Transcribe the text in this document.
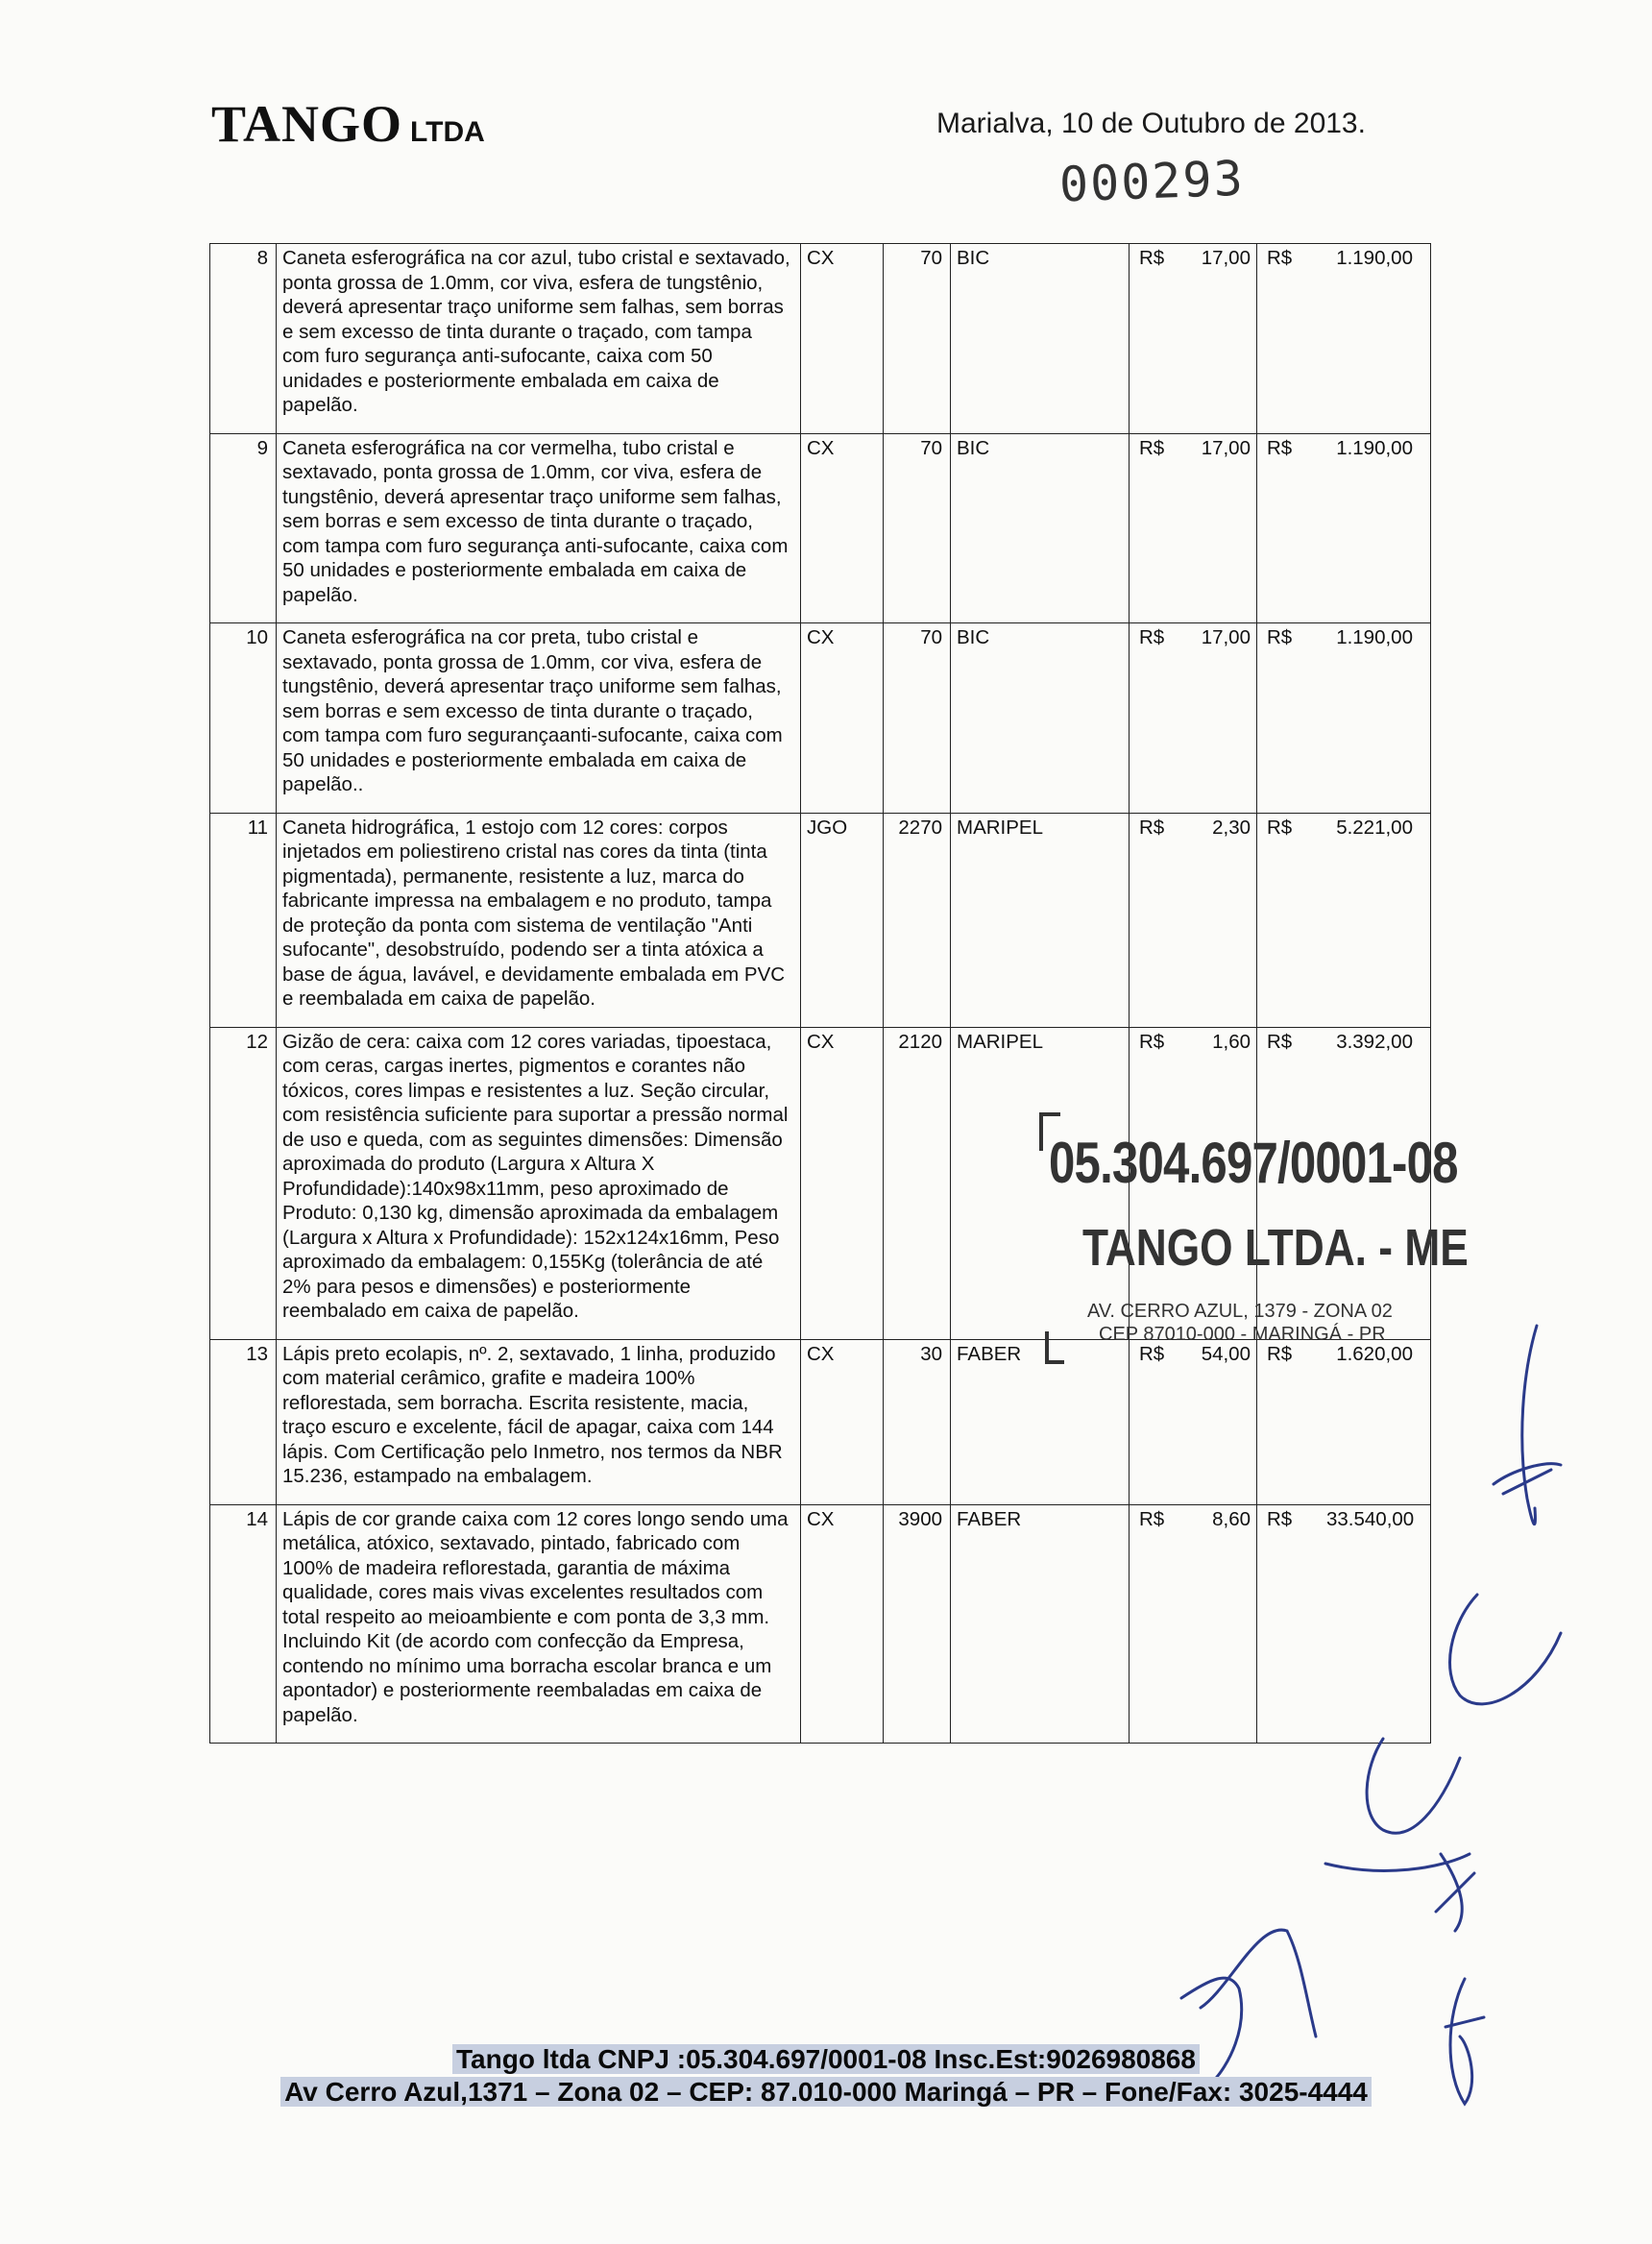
TANGO LTDA	Marialva, 10 de Outubro de 2013.
000293
8	Caneta esferográfica na cor azul, tubo cristal e sextavado, ponta grossa de 1.0mm, cor viva, esfera de tungstênio, deverá apresentar traço uniforme sem falhas, sem borras e sem excesso de tinta durante o traçado, com tampa com furo segurança anti-sufocante, caixa com 50 unidades e posteriormente embalada em caixa de papelão.	CX	70	BIC	R$ 17,00	R$ 1.190,00
9	Caneta esferográfica na cor vermelha, tubo cristal e sextavado, ponta grossa de 1.0mm, cor viva, esfera de tungstênio, deverá apresentar traço uniforme sem falhas, sem borras e sem excesso de tinta durante o traçado, com tampa com furo segurança anti-sufocante, caixa com 50 unidades e posteriormente embalada em caixa de papelão.	CX	70	BIC	R$ 17,00	R$ 1.190,00
10	Caneta esferográfica na cor preta, tubo cristal e sextavado, ponta grossa de 1.0mm, cor viva, esfera de tungstênio, deverá apresentar traço uniforme sem falhas, sem borras e sem excesso de tinta durante o traçado, com tampa com furo segurançaanti-sufocante, caixa com 50 unidades e posteriormente embalada em caixa de papelão..	CX	70	BIC	R$ 17,00	R$ 1.190,00
11	Caneta hidrográfica, 1 estojo com 12 cores: corpos injetados em poliestireno cristal nas cores da tinta (tinta pigmentada), permanente, resistente a luz, marca do fabricante impressa na embalagem e no produto, tampa de proteção da ponta com sistema de ventilação "Anti sufocante", desobstruído, podendo ser a tinta atóxica a base de água, lavável, e devidamente embalada em PVC e reembalada em caixa de papelão.	JGO	2270	MARIPEL	R$ 2,30	R$ 5.221,00
12	Gizão de cera: caixa com 12 cores variadas, tipoestaca, com ceras, cargas inertes, pigmentos e corantes não tóxicos, cores limpas e resistentes a luz. Seção circular, com resistência suficiente para suportar a pressão normal de uso e queda, com as seguintes dimensões: Dimensão aproximada do produto (Largura x Altura X Profundidade):140x98x11mm, peso aproximado de Produto: 0,130 kg, dimensão aproximada da embalagem (Largura x Altura x Profundidade): 152x124x16mm, Peso aproximado da embalagem: 0,155Kg (tolerância de até 2% para pesos e dimensões) e posteriormente reembalado em caixa de papelão.	CX	2120	MARIPEL	R$ 1,60	R$ 3.392,00
13	Lápis preto ecolapis, nº. 2, sextavado, 1 linha, produzido com material cerâmico, grafite e madeira 100% reflorestada, sem borracha. Escrita resistente, macia, traço escuro e excelente, fácil de apagar, caixa com 144 lápis. Com Certificação pelo Inmetro, nos termos da NBR 15.236, estampado na embalagem.	CX	30	FABER	R$ 54,00	R$ 1.620,00
14	Lápis de cor grande caixa com 12 cores longo sendo uma metálica, atóxico, sextavado, pintado, fabricado com 100% de madeira reflorestada, garantia de máxima qualidade, cores mais vivas excelentes resultados com total respeito ao meioambiente e com ponta de 3,3 mm. Incluindo Kit (de acordo com confecção da Empresa, contendo no mínimo uma borracha escolar branca e um apontador) e posteriormente reembaladas em caixa de papelão.	CX	3900	FABER	R$ 8,60	R$ 33.540,00
05.304.697/0001-08
TANGO LTDA. - ME
AV. CERRO AZUL, 1379 - ZONA 02
CEP 87010-000 - MARINGÁ - PR
Tango ltda CNPJ :05.304.697/0001-08 Insc.Est:9026980868
Av Cerro Azul,1371 – Zona 02 – CEP: 87.010-000 Maringá – PR – Fone/Fax: 3025-4444
